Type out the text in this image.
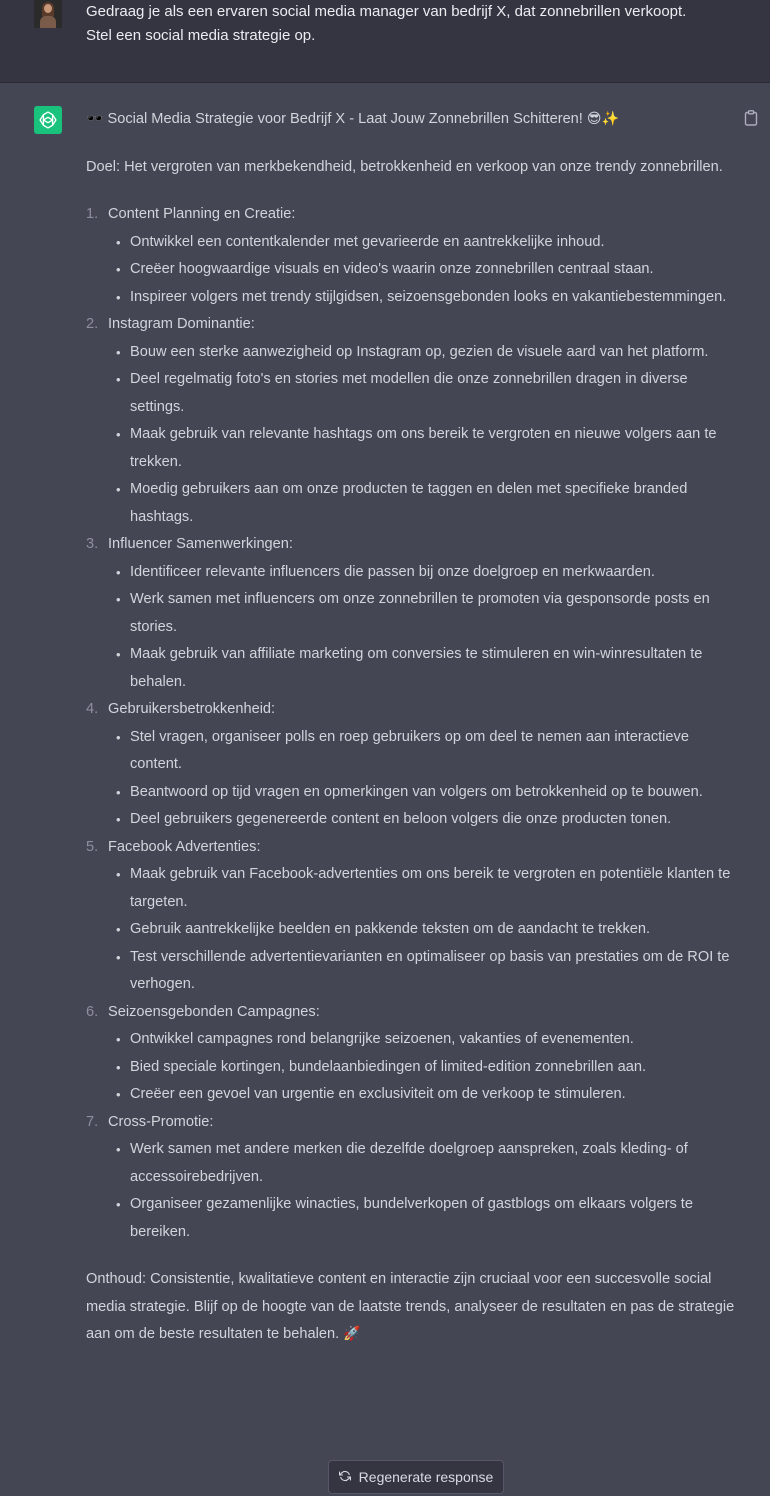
Gedraag je als een ervaren social media manager van bedrijf X, dat zonnebrillen verkoopt.
Stel een social media strategie op.

🕶️
Social Media Strategie voor Bedrijf X - Laat Jouw Zonnebrillen Schitteren!
😎✨

Doel: Het vergroten van merkbekendheid, betrokkenheid en verkoop van onze trendy zonnebrillen.

1. Content Planning en Creatie:
• Ontwikkel een contentkalender met gevarieerde en aantrekkelijke inhoud.
• Creëer hoogwaardige visuals en video's waarin onze zonnebrillen centraal staan.
• Inspireer volgers met trendy stijlgidsen, seizoensgebonden looks en vakantiebestemmingen.
2. Instagram Dominantie:
• Bouw een sterke aanwezigheid op Instagram op, gezien de visuele aard van het platform.
• Deel regelmatig foto's en stories met modellen die onze zonnebrillen dragen in diverse settings.
• Maak gebruik van relevante hashtags om ons bereik te vergroten en nieuwe volgers aan te trekken.
• Moedig gebruikers aan om onze producten te taggen en delen met specifieke branded hashtags.
3. Influencer Samenwerkingen:
• Identificeer relevante influencers die passen bij onze doelgroep en merkwaarden.
• Werk samen met influencers om onze zonnebrillen te promoten via gesponsorde posts en stories.
• Maak gebruik van affiliate marketing om conversies te stimuleren en win-winresultaten te behalen.
4. Gebruikersbetrokkenheid:
• Stel vragen, organiseer polls en roep gebruikers op om deel te nemen aan interactieve content.
• Beantwoord op tijd vragen en opmerkingen van volgers om betrokkenheid op te bouwen.
• Deel gebruikers gegenereerde content en beloon volgers die onze producten tonen.
5. Facebook Advertenties:
• Maak gebruik van Facebook-advertenties om ons bereik te vergroten en potentiële klanten te targeten.
• Gebruik aantrekkelijke beelden en pakkende teksten om de aandacht te trekken.
• Test verschillende advertentievarianten en optimaliseer op basis van prestaties om de ROI te verhogen.
6. Seizoensgebonden Campagnes:
• Ontwikkel campagnes rond belangrijke seizoenen, vakanties of evenementen.
• Bied speciale kortingen, bundelaanbiedingen of limited-edition zonnebrillen aan.
• Creëer een gevoel van urgentie en exclusiviteit om de verkoop te stimuleren.
7. Cross-Promotie:
• Werk samen met andere merken die dezelfde doelgroep aanspreken, zoals kleding- of accessoirebedrijven.
• Organiseer gezamenlijke winacties, bundelverkopen of gastblogs om elkaars volgers te bereiken.

Onthoud: Consistentie, kwalitatieve content en interactie zijn cruciaal voor een succesvolle social media strategie. Blijf op de hoogte van de laatste trends, analyseer de resultaten en pas de strategie aan om de beste resultaten te behalen. 🚀

Regenerate response
